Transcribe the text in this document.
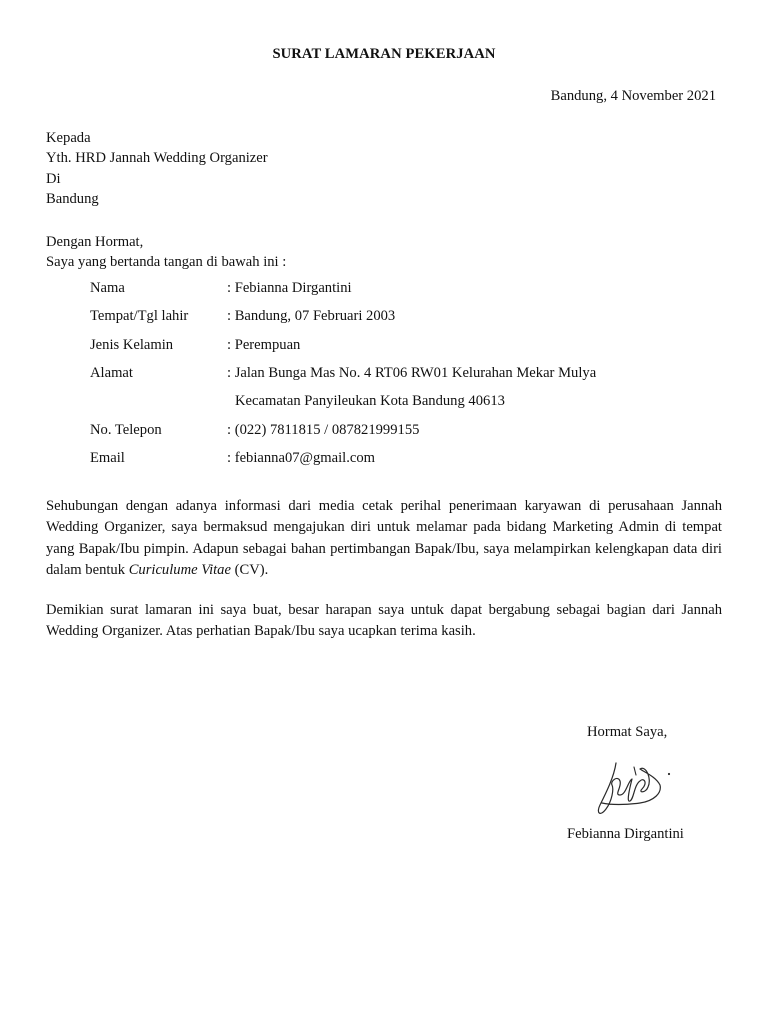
SURAT LAMARAN PEKERJAAN
Bandung, 4 November 2021
Kepada
Yth. HRD Jannah Wedding Organizer
Di
Bandung
Dengan Hormat,
Saya yang bertanda tangan di bawah ini :
Nama	: Febianna Dirgantini
Tempat/Tgl lahir	: Bandung, 07 Februari 2003
Jenis Kelamin	: Perempuan
Alamat	: Jalan Bunga Mas No. 4 RT06 RW01 Kelurahan Mekar Mulya
Kecamatan Panyileukan Kota Bandung 40613
No. Telepon	: (022) 7811815 / 087821999155
Email	: febianna07@gmail.com
Sehubungan dengan adanya informasi dari media cetak perihal penerimaan karyawan di perusahaan Jannah Wedding Organizer, saya bermaksud mengajukan diri untuk melamar pada bidang Marketing Admin di tempat yang Bapak/Ibu pimpin. Adapun sebagai bahan pertimbangan Bapak/Ibu, saya melampirkan kelengkapan data diri dalam bentuk Curiculume Vitae (CV).
Demikian surat lamaran ini saya buat, besar harapan saya untuk dapat bergabung sebagai bagian dari Jannah Wedding Organizer. Atas perhatian Bapak/Ibu saya ucapkan terima kasih.
Hormat Saya,
Febianna Dirgantini
